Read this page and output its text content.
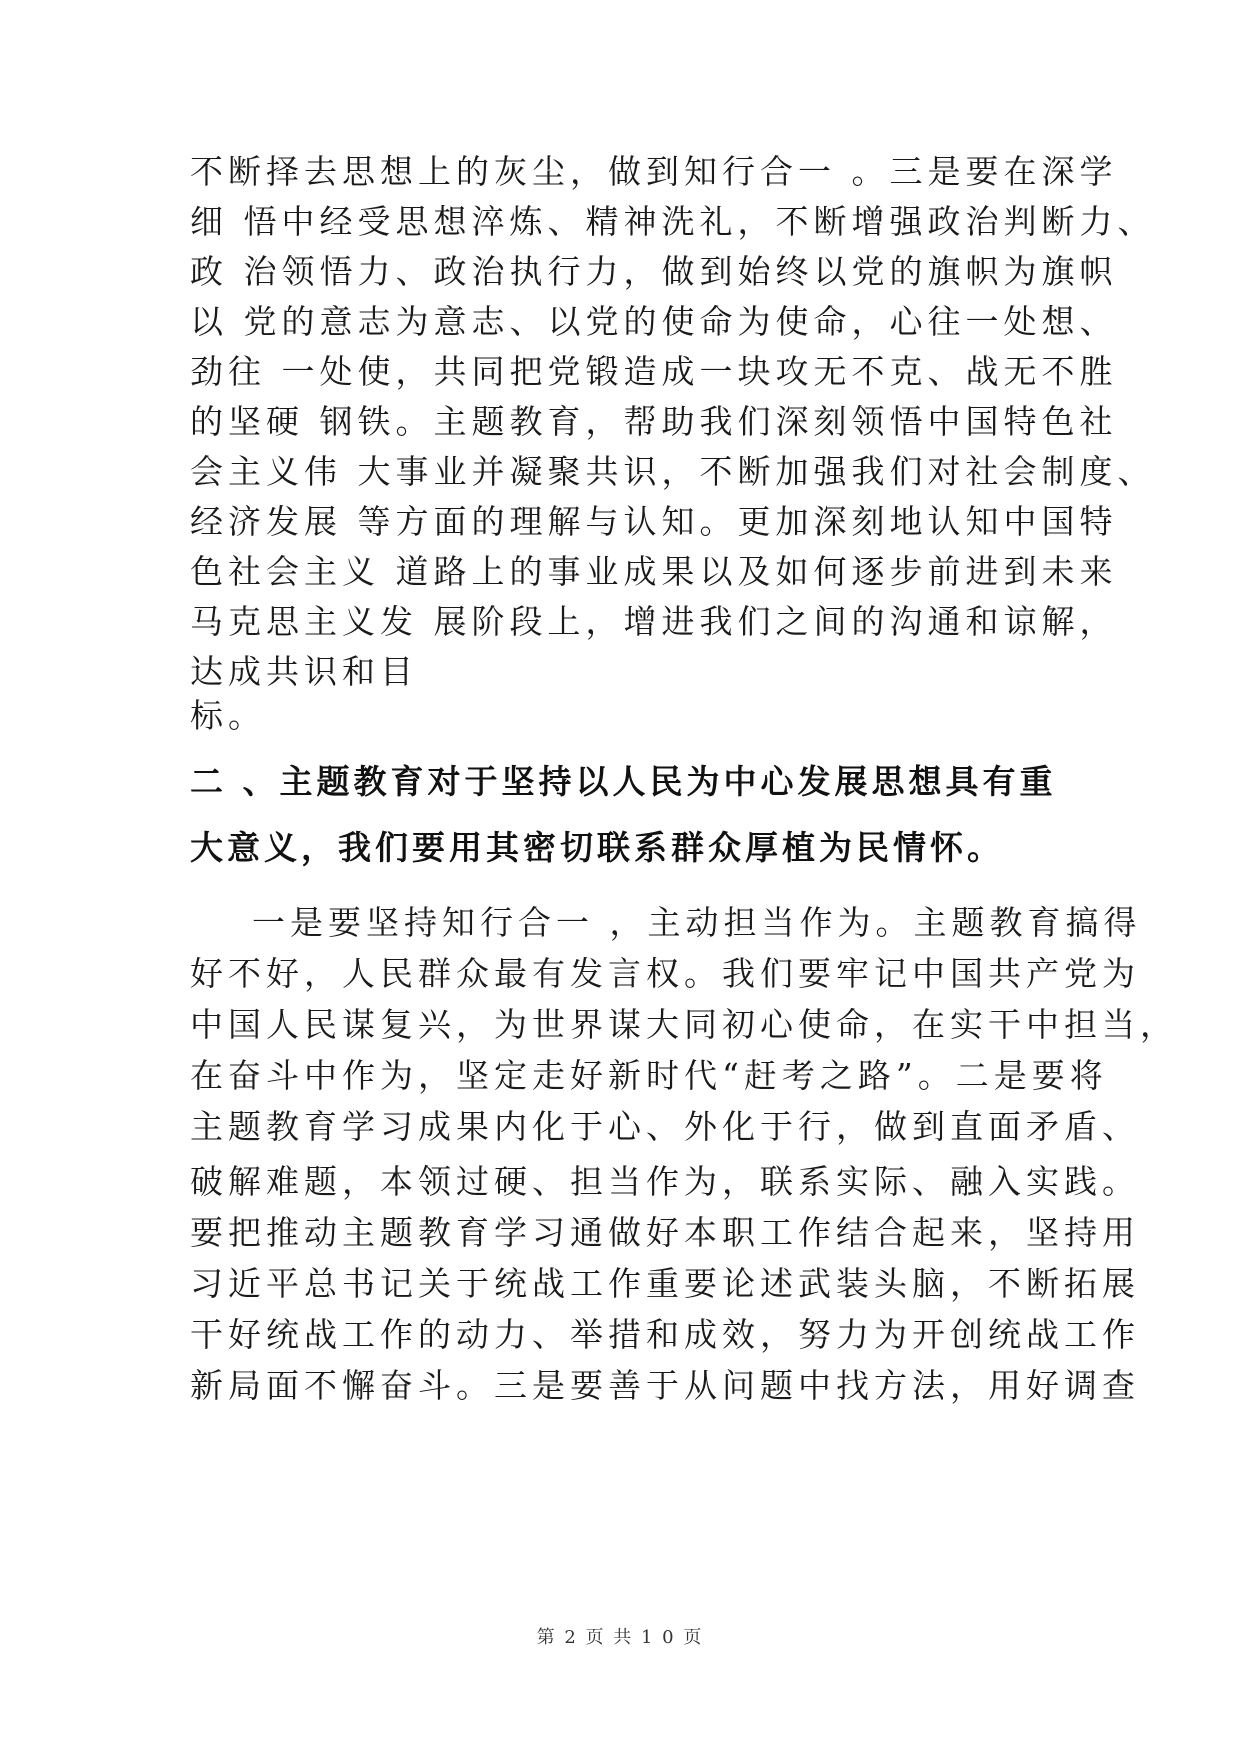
不断择去思想上的灰尘，做到知行合一 。三是要在深学
细 悟中经受思想淬炼、精神洗礼，不断增强政治判断力、
政 治领悟力、政治执行力，做到始终以党的旗帜为旗帜
以 党的意志为意志、以党的使命为使命，心往一处想、
劲往 一处使，共同把党锻造成一块攻无不克、战无不胜
的坚硬 钢铁。主题教育，帮助我们深刻领悟中国特色社
会主义伟 大事业并凝聚共识，不断加强我们对社会制度、
经济发展 等方面的理解与认知。更加深刻地认知中国特
色社会主义 道路上的事业成果以及如何逐步前进到未来
马克思主义发 展阶段上，增进我们之间的沟通和谅解，
达成共识和目
标。
二 、主题教育对于坚持以人民为中心发展思想具有重
大意义，我们要用其密切联系群众厚植为民情怀。
一是要坚持知行合一 ，主动担当作为。主题教育搞得
好不好，人民群众最有发言权。我们要牢记中国共产党为
中国人民谋复兴，为世界谋大同初心使命，在实干中担当，
在奋斗中作为，坚定走好新时代“赶考之路”。二是要将
主题教育学习成果内化于心、外化于行，做到直面矛盾、
破解难题，本领过硬、担当作为，联系实际、融入实践。
要把推动主题教育学习通做好本职工作结合起来，坚持用
习近平总书记关于统战工作重要论述武装头脑，不断拓展
干好统战工作的动力、举措和成效，努力为开创统战工作
新局面不懈奋斗。三是要善于从问题中找方法，用好调查
第 2 页 共 1 0 页
